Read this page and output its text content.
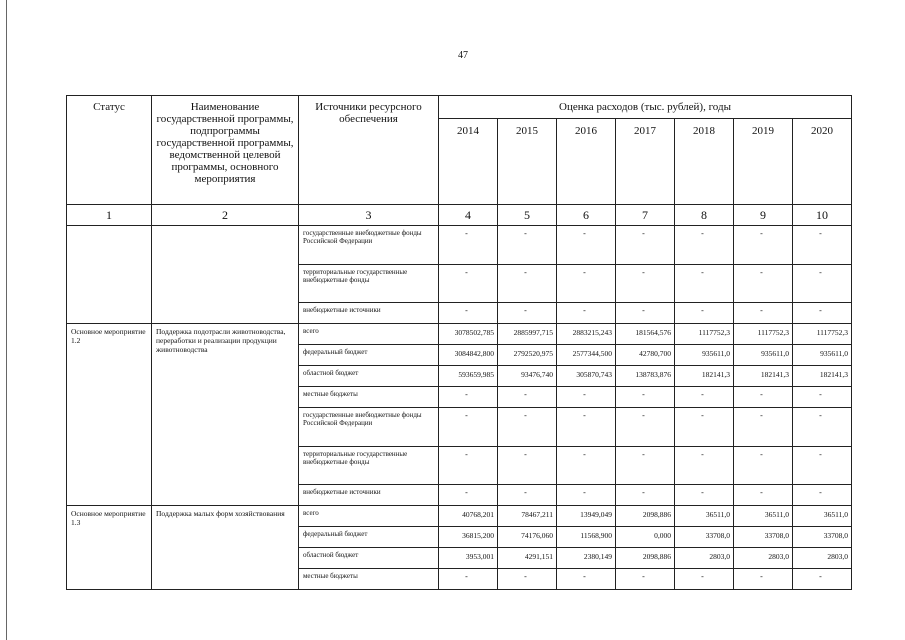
47
Статус	Наименование государственной программы, подпрограммы государственной программы, ведомственной целевой программы, основного мероприятия	Источники ресурсного обеспечения	Оценка расходов (тыс. рублей), годы						
			2014	2015	2016	2017	2018	2019	2020
1	2	3	4	5	6	7	8	9	10
		государственные внебюджетные фонды Российской Федерации	-	-	-	-	-	-	-
		территориальные государственные внебюджетные фонды	-	-	-	-	-	-	-
		внебюджетные источники	-	-	-	-	-	-	-
Основное мероприятие 1.2	Поддержка подотрасли животноводства, переработки и реализации продукции животноводства	всего	3078502,785	2885997,715	2883215,243	181564,576	1117752,3	1117752,3	1117752,3
		федеральный бюджет	3084842,800	2792520,975	2577344,500	42780,700	935611,0	935611,0	935611,0
		областной бюджет	593659,985	93476,740	305870,743	138783,876	182141,3	182141,3	182141,3
		местные бюджеты	-	-	-	-	-	-	-
		государственные внебюджетные фонды Российской Федерации	-	-	-	-	-	-	-
		территориальные государственные внебюджетные фонды	-	-	-	-	-	-	-
		внебюджетные источники	-	-	-	-	-	-	-
Основное мероприятие 1.3	Поддержка малых форм хозяйствования	всего	40768,201	78467,211	13949,049	2098,886	36511,0	36511,0	36511,0
		федеральный бюджет	36815,200	74176,060	11568,900	0,000	33708,0	33708,0	33708,0
		областной бюджет	3953,001	4291,151	2380,149	2098,886	2803,0	2803,0	2803,0
		местные бюджеты	-	-	-	-	-	-	-
